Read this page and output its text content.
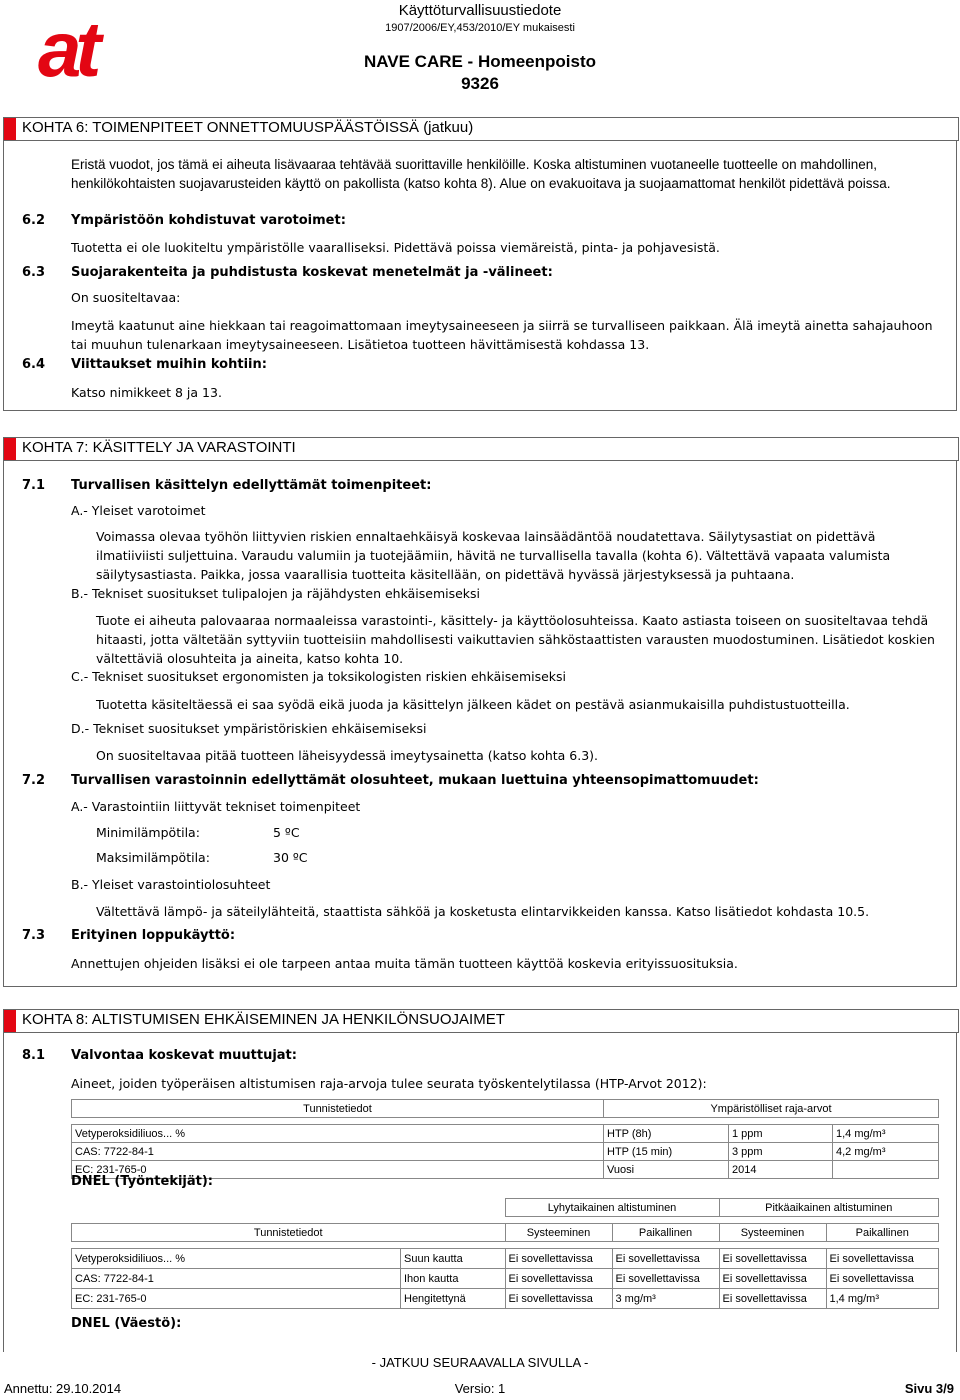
at	Käyttöturvallisuustiedote
1907/2006/EY,453/2010/EY mukaisesti
NAVE CARE - Homeenpoisto
9326
KOHTA 6: TOIMENPITEET ONNETTOMUUSPÄÄSTÖISSÄ (jatkuu)
Eristä vuodot, jos tämä ei aiheuta lisävaaraa tehtävää suorittaville henkilöille. Koska altistuminen vuotaneelle tuotteelle on mahdollinen, henkilökohtaisten suojavarusteiden käyttö on pakollista (katso kohta 8). Alue on evakuoitava ja suojaamattomat henkilöt pidettävä poissa.
6.2 Ympäristöön kohdistuvat varotoimet:
Tuotetta ei ole luokiteltu ympäristölle vaaralliseksi. Pidettävä poissa viemäreistä, pinta- ja pohjavesistä.
6.3 Suojarakenteita ja puhdistusta koskevat menetelmät ja -välineet:
On suositeltavaa:
Imeytä kaatunut aine hiekkaan tai reagoimattomaan imeytysaineeseen ja siirrä se turvalliseen paikkaan. Älä imeytä ainetta sahajauhoon tai muuhun tulenarkaan imeytysaineeseen. Lisätietoa tuotteen hävittämisestä kohdassa 13.
6.4 Viittaukset muihin kohtiin:
Katso nimikkeet 8 ja 13.
KOHTA 7: KÄSITTELY JA VARASTOINTI
7.1 Turvallisen käsittelyn edellyttämät toimenpiteet:
A.- Yleiset varotoimet
Voimassa olevaa työhön liittyvien riskien ennaltaehkäisyä koskevaa lainsäädäntöä noudatettava. Säilytysastiat on pidettävä ilmatiiviisti suljettuina. Varaudu valumiin ja tuotejäämiin, hävitä ne turvallisella tavalla (kohta 6). Vältettävä vapaata valumista säilytysastiasta. Paikka, jossa vaarallisia tuotteita käsitellään, on pidettävä hyvässä järjestyksessä ja puhtaana.
B.- Tekniset suositukset tulipalojen ja räjähdysten ehkäisemiseksi
Tuote ei aiheuta palovaaraa normaaleissa varastointi-, käsittely- ja käyttöolosuhteissa. Kaato astiasta toiseen on suositeltavaa tehdä hitaasti, jotta vältetään syttyviin tuotteisiin mahdollisesti vaikuttavien sähköstaattisten varausten muodostuminen. Lisätiedot koskien vältettäviä olosuhteita ja aineita, katso kohta 10.
C.- Tekniset suositukset ergonomisten ja toksikologisten riskien ehkäisemiseksi
Tuotetta käsiteltäessä ei saa syödä eikä juoda ja käsittelyn jälkeen kädet on pestävä asianmukaisilla puhdistustuotteilla.
D.- Tekniset suositukset ympäristöriskien ehkäisemiseksi
On suositeltavaa pitää tuotteen läheisyydessä imeytysainetta (katso kohta 6.3).
7.2 Turvallisen varastoinnin edellyttämät olosuhteet, mukaan luettuina yhteensopimattomuudet:
A.- Varastointiin liittyvät tekniset toimenpiteet
Minimilämpötila:	5 ºC
Maksimilämpötila:	30 ºC
B.- Yleiset varastointiolosuhteet
Vältettävä lämpö- ja säteilylähteitä, staattista sähköä ja kosketusta elintarvikkeiden kanssa. Katso lisätiedot kohdasta 10.5.
7.3 Erityinen loppukäyttö:
Annettujen ohjeiden lisäksi ei ole tarpeen antaa muita tämän tuotteen käyttöä koskevia erityissuosituksia.
KOHTA 8: ALTISTUMISEN EHKÄISEMINEN JA HENKILÖNSUOJAIMET
8.1 Valvontaa koskevat muuttujat:
Aineet, joiden työperäisen altistumisen raja-arvoja tulee seurata työskentelytilassa (HTP-Arvot 2012):
Tunnistetiedot	Ympäristölliset raja-arvot		

Vetyperoksidiliuos... %	HTP (8h)	1 ppm	1,4 mg/m³
CAS: 7722-84-1	HTP (15 min)	3 ppm	4,2 mg/m³
EC: 231-765-0	Vuosi	2014	
DNEL (Työntekijät):
		Lyhytaikainen altistuminen		Pitkäaikainen altistuminen	

Tunnistetiedot		Systeeminen	Paikallinen	Systeeminen	Paikallinen

Vetyperoksidiliuos... %	Suun kautta	Ei sovellettavissa	Ei sovellettavissa	Ei sovellettavissa	Ei sovellettavissa
CAS: 7722-84-1	Ihon kautta	Ei sovellettavissa	Ei sovellettavissa	Ei sovellettavissa	Ei sovellettavissa
EC: 231-765-0	Hengitettynä	Ei sovellettavissa	3 mg/m³	Ei sovellettavissa	1,4 mg/m³
DNEL (Väestö):
- JATKUU SEURAAVALLA SIVULLA -
Annettu: 29.10.2014	Versio: 1	Sivu 3/9
